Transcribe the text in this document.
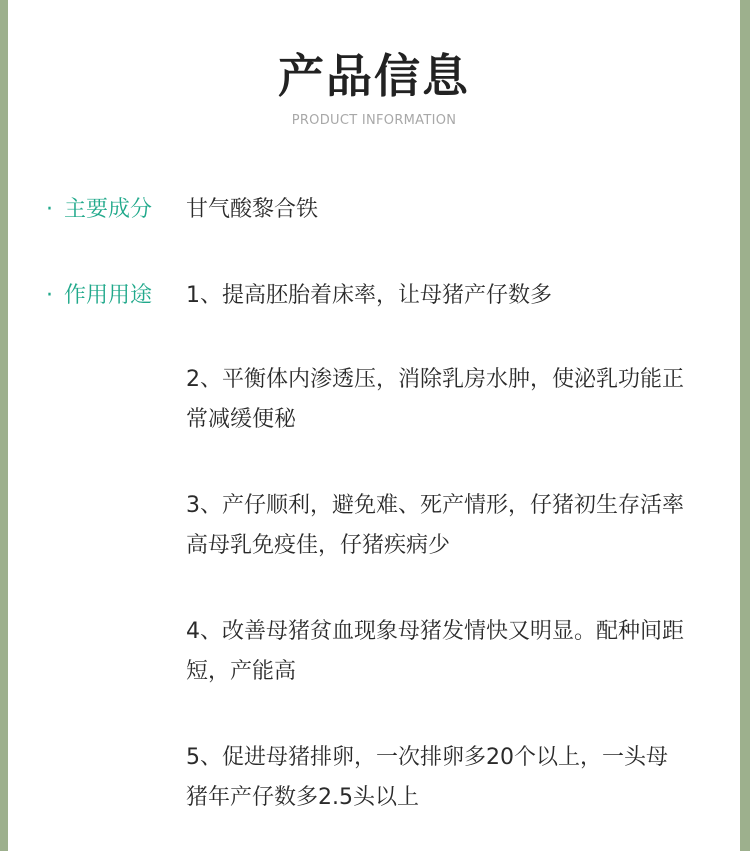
产品信息
PRODUCT INFORMATION
· 主要成分 甘气酸黎合铁
· 作用用途 1、提高胚胎着床率，让母猪产仔数多
2、平衡体内渗透压，消除乳房水肿，使泌乳功能正常减缓便秘
3、产仔顺利，避免难、死产情形，仔猪初生存活率高母乳免疫佳，仔猪疾病少
4、改善母猪贫血现象母猪发情快又明显。配种间距短，产能高
5、促进母猪排卵，一次排卵多20个以上，一头母猪年产仔数多2.5头以上
